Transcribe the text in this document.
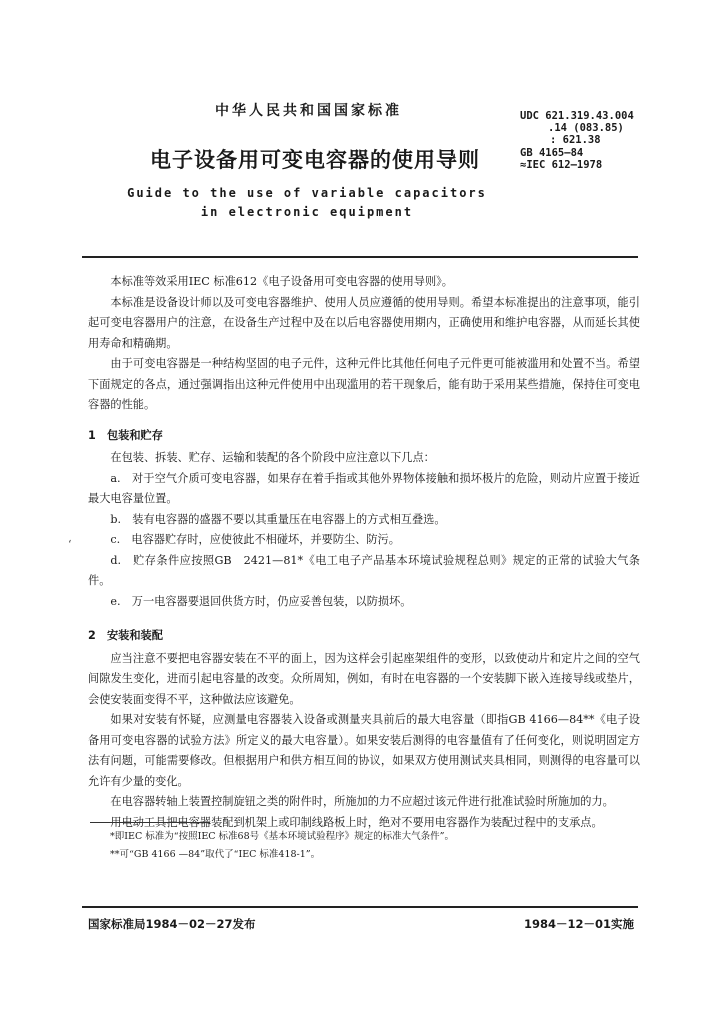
中华人民共和国国家标准
电子设备用可变电容器的使用导则
Guide to the use of variable capacitors
in electronic equipment
UDC 621.319.43.004
.14 (083.85)
: 621.38
GB 4165—84
≈IEC 612—1978
‘

本标准等效采用IEC 标准612《电子设备用可变电容器的使用导则》。

本标准是设备设计师以及可变电容器维护、使用人员应遵循的使用导则。希望本标准提出的注意事项，能引起可变电容器用户的注意，在设备生产过程中及在以后电容器使用期内，正确使用和维护电容器，从而延长其使用寿命和精确期。

由于可变电容器是一种结构坚固的电子元件，这种元件比其他任何电子元件更可能被滥用和处置不当。希望下面规定的各点，通过强调指出这种元件使用中出现滥用的若干现象后，能有助于采用某些措施，保持住可变电容器的性能。

1　包装和贮存

在包装、拆装、贮存、运输和装配的各个阶段中应注意以下几点：

a.　对于空气介质可变电容器，如果存在着手指或其他外界物体接触和损坏极片的危险，则动片应置于接近最大电容量位置。

b.　装有电容器的盛器不要以其重量压在电容器上的方式相互叠选。

c.　电容器贮存时，应使彼此不相碰坏，并要防尘、防污。

d.　贮存条件应按照GB　2421—81*《电工电子产品基本环境试验规程总则》规定的正常的试验大气条件。

e.　万一电容器要退回供货方时，仍应妥善包装，以防损坏。

2　安装和装配

应当注意不要把电容器安装在不平的面上，因为这样会引起座架组件的变形，以致使动片和定片之间的空气间隙发生变化，进而引起电容量的改变。众所周知，例如，有时在电容器的一个安装脚下嵌入连接导线或垫片，会使安装面变得不平，这种做法应该避免。

如果对安装有怀疑，应测量电容器装入设备或测量夹具前后的最大电容量（即指GB 4166—84**《电子设备用可变电容器的试验方法》所定义的最大电容量）。如果安装后测得的电容量值有了任何变化，则说明固定方法有问题，可能需要修改。但根据用户和供方相互间的协议，如果双方使用测试夹具相同，则测得的电容量可以允许有少量的变化。

在电容器转轴上装置控制旋钮之类的附件时，所施加的力不应超过该元件进行批准试验时所施加的力。

用电动工具把电容器装配到机架上或印制线路板上时，绝对不要用电容器作为装配过程中的支承点。

*即IEC 标准为“按照IEC 标准68号《基本环境试验程序》规定的标准大气条件”。
**可“GB 4166 —84”取代了“IEC 标准418-1”。
国家标准局1984－02－27发布	1984－12－01实施
